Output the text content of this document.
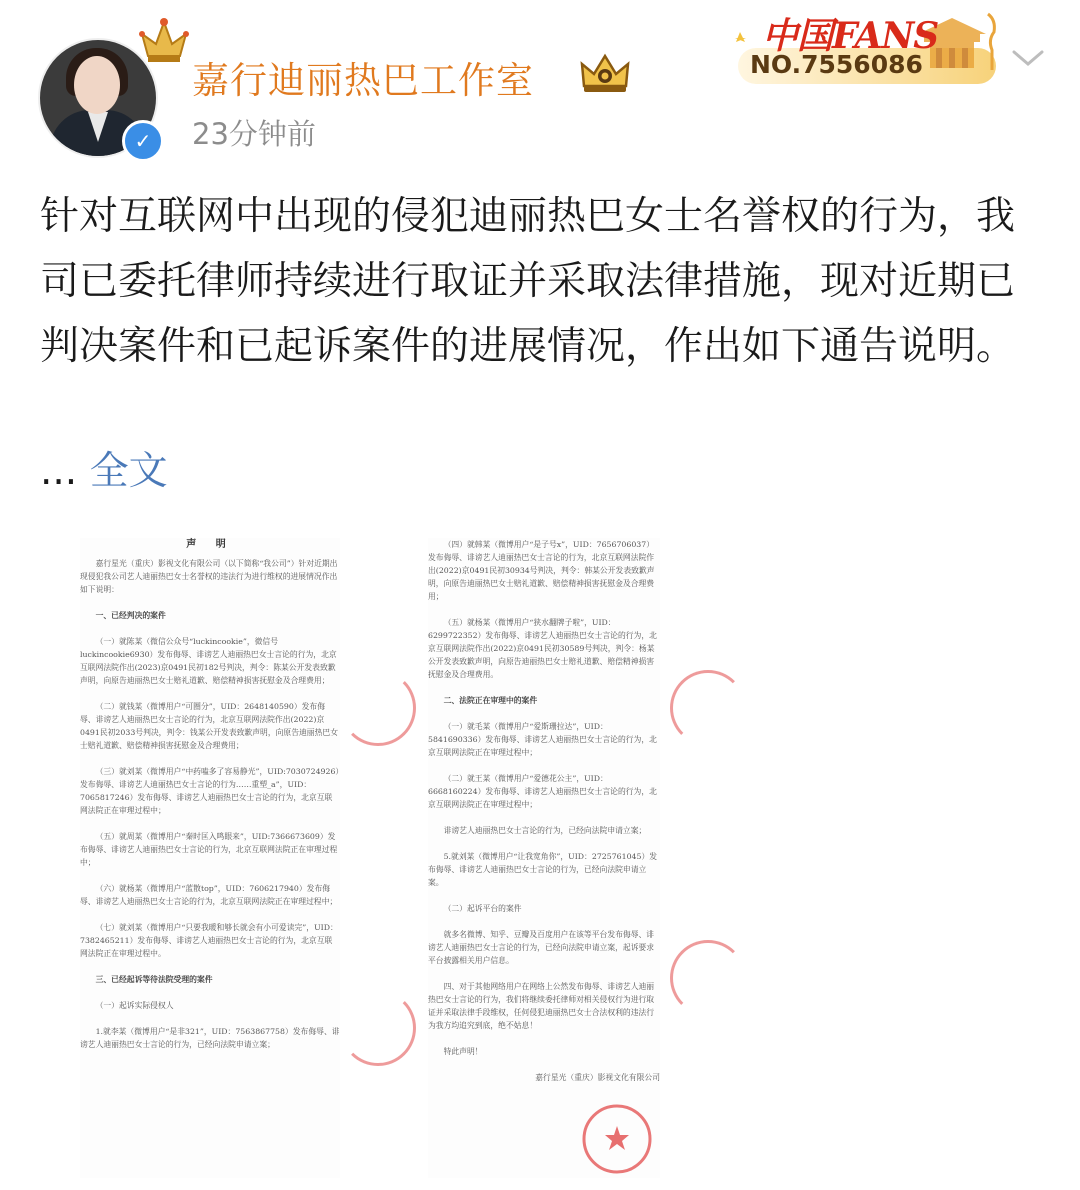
✓
嘉行迪丽热巴工作室
23分钟前
中国FANS
NO.7556086
针对互联网中出现的侵犯迪丽热巴女士名誉权的行为，我司已委托律师持续进行取证并采取法律措施，现对近期已判决案件和已起诉案件的进展情况，作出如下通告说明。
... 全文
声 明

嘉行星光（重庆）影视文化有限公司（以下简称“我公司”）针对近期出现侵犯我公司艺人迪丽热巴女士名誉权的违法行为进行维权的进展情况作出如下说明：

一、已经判决的案件

（一）就陈某（微信公众号“luckincookie”，微信号luckincookie6930）发布侮辱、诽谤艺人迪丽热巴女士言论的行为，北京互联网法院作出(2023)京0491民初182号判决，判令：陈某公开发表致歉声明，向原告迪丽热巴女士赔礼道歉、赔偿精神损害抚慰金及合理费用；

（二）就钱某（微博用户“可圈分”，UID：2648140590）发布侮辱、诽谤艺人迪丽热巴女士言论的行为，北京互联网法院作出(2022)京0491民初2033号判决，判令：钱某公开发表致歉声明，向原告迪丽热巴女士赔礼道歉、赔偿精神损害抚慰金及合理费用；

（三）就刘某（微博用户“中药嗑多了容易静光”，UID:7030724926）发布侮辱、诽谤艺人迪丽热巴女士言论的行为……重塑_a”，UID：7065817246）发布侮辱、诽谤艺人迪丽热巴女士言论的行为，北京互联网法院正在审理过程中；

（五）就周某（微博用户“秦时匡入鸣眼来”，UID:7366673609）发布侮辱、诽谤艺人迪丽热巴女士言论的行为，北京互联网法院正在审理过程中；

（六）就杨某（微博用户“蓝散top”，UID：7606217940）发布侮辱、诽谤艺人迪丽热巴女士言论的行为，北京互联网法院正在审理过程中；

（七）就刘某（微博用户“只要我暖和够长就会有小可爱读完”，UID：7382465211）发布侮辱、诽谤艺人迪丽热巴女士言论的行为，北京互联网法院正在审理过程中。

三、已经起诉等待法院受理的案件

（一）起诉实际侵权人

1.就李某（微博用户“是非321”，UID：7563867758）发布侮辱、诽谤艺人迪丽热巴女士言论的行为，已经向法院申请立案；

（四）就韩某（微博用户“是子号x”，UID：7656706037）发布侮辱、诽谤艺人迪丽热巴女士言论的行为，北京互联网法院作出(2022)京0491民初30934号判决，判令：韩某公开发表致歉声明，向原告迪丽热巴女士赔礼道歉、赔偿精神损害抚慰金及合理费用；

（五）就杨某（微博用户“狭水翻牌子啦”，UID：6299722352）发布侮辱、诽谤艺人迪丽热巴女士言论的行为，北京互联网法院作出(2022)京0491民初30589号判决，判令：杨某公开发表致歉声明，向原告迪丽热巴女士赔礼道歉、赔偿精神损害抚慰金及合理费用。

二、法院正在审理中的案件

（一）就毛某（微博用户“爱斯珊拉达”，UID：5841690336）发布侮辱、诽谤艺人迪丽热巴女士言论的行为，北京互联网法院正在审理过程中；

（二）就王某（微博用户“爱德花公主”，UID：6668160224）发布侮辱、诽谤艺人迪丽热巴女士言论的行为，北京互联网法院正在审理过程中；

诽谤艺人迪丽热巴女士言论的行为，已经向法院申请立案；

5.就刘某（微博用户“让我宽角你”，UID：2725761045）发布侮辱、诽谤艺人迪丽热巴女士言论的行为，已经向法院申请立案。

（二）起诉平台的案件

就多名微博、知乎、豆瓣及百度用户在该等平台发布侮辱、诽谤艺人迪丽热巴女士言论的行为，已经向法院申请立案，起诉要求平台披露相关用户信息。

四、对于其他网络用户在网络上公然发布侮辱、诽谤艺人迪丽热巴女士言论的行为，我们将继续委托律师对相关侵权行为进行取证并采取法律手段维权，任何侵犯迪丽热巴女士合法权利的违法行为我方均追究到底，绝不姑息！

特此声明！

嘉行星光（重庆）影视文化有限公司
